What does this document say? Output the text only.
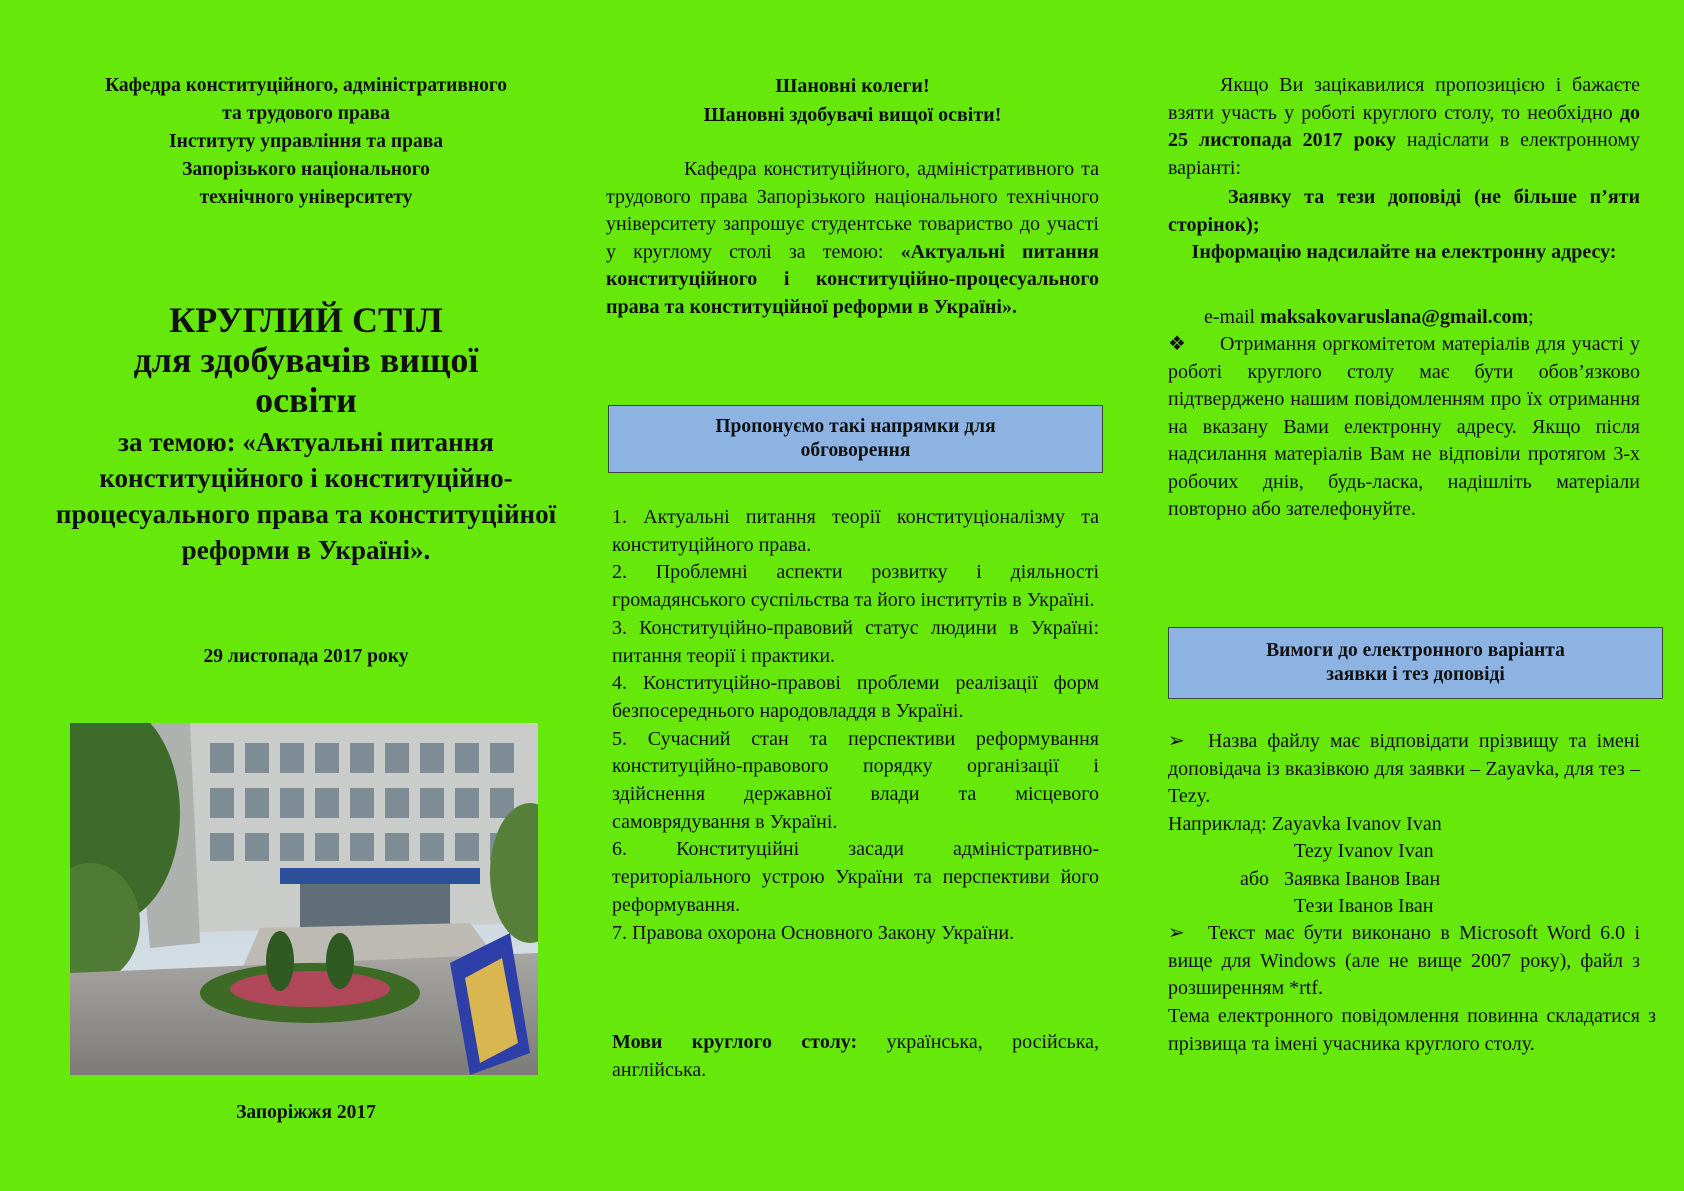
Кафедра конституційного, адміністративного
та трудового права
Інституту управління та права
Запорізького національного
технічного університету
КРУГЛИЙ СТІЛ
для здобувачів вищої
освіти
за темою: «Актуальні питання конституційного і конституційно-процесуального права та конституційної реформи в Україні».
29 листопада 2017 року
Запоріжжя 2017
Шановні колеги!
Шановні здобувачі вищої освіти!
Кафедра конституційного, адміністративного та трудового права Запорізького національного технічного університету запрошує студентське товариство до участі у круглому столі за темою: «Актуальні питання конституційного і конституційно-процесуального права та конституційної реформи в Україні».
Пропонуємо такі напрямки для
обговорення

1. Актуальні питання теорії конституціоналізму та конституційного права.

2. Проблемні аспекти розвитку і діяльності громадянського суспільства та його інститутів в Україні.

3. Конституційно-правовий статус людини в Україні: питання теорії і практики.

4. Конституційно-правові проблеми реалізації форм безпосереднього народовладдя в Україні.

5. Сучасний стан та перспективи реформування конституційно-правового порядку організації і здійснення державної влади та місцевого самоврядування в Україні.

6. Конституційні засади адміністративно-територіального устрою України та перспективи його реформування.

7. Правова охорона Основного Закону України.

Мови круглого столу: українська, російська, англійська.
Якщо Ви зацікавилися пропозицією і бажаєте взяти участь у роботі круглого столу, то необхідно до 25 листопада 2017 року надіслати в електронному варіанті:
Заявку та тези доповіді (не більше п’яти сторінок);
Інформацію надсилайте на електронну адресу:
e-mail maksakovaruslana@gmail.com;
❖ Отримання оргкомітетом матеріалів для участі у роботі круглого столу має бути обов’язково підтверджено нашим повідомленням про їх отримання на вказану Вами електронну адресу. Якщо після надсилання матеріалів Вам не відповіли протягом 3-х робочих днів, будь-ласка, надішліть матеріали повторно або зателефонуйте.
Вимоги до електронного варіанта
заявки і тез доповіді

➢ Назва файлу має відповідати прізвищу та імені доповідача із вказівкою для заявки – Zayavka, для тез – Tezy.

Наприклад: Zayavka Ivanov Ivan

Tezy Ivanov Ivan

або Заявка Іванов Іван

Тези Іванов Іван

➢ Текст має бути виконано в Microsoft Word 6.0 і вище для Windows (але не вище 2007 року), файл з розширенням *rtf.
Тема електронного повідомлення повинна складатися з прізвища та імені учасника круглого столу.
